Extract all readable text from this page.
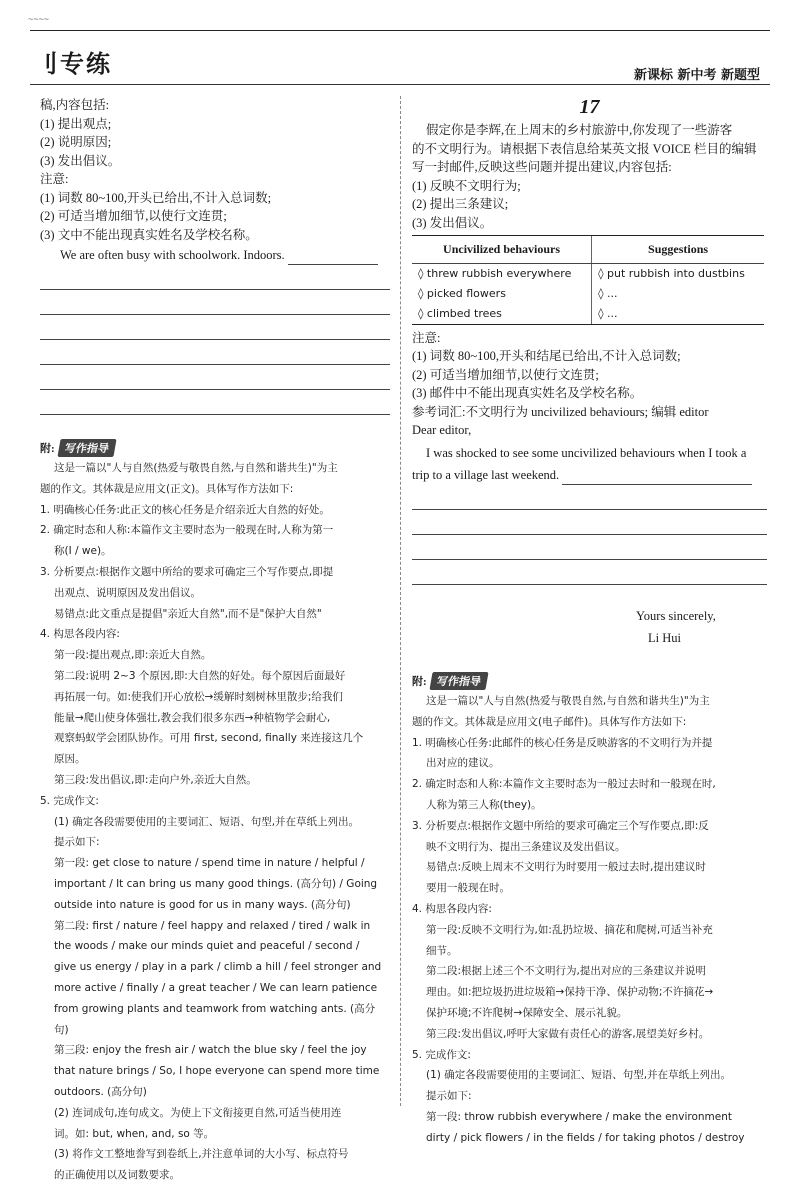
~~~~
刂专练	新课标 新中考 新题型

稿,内容包括:

(1) 提出观点;

(2) 说明原因;

(3) 发出倡议。

注意:

(1) 词数 80~100,开头已给出,不计入总词数;

(2) 可适当增加细节,以使行文连贯;

(3) 文中不能出现真实姓名及学校名称。

We are often busy with schoolwork. Indoors.

附: 写作指导

这是一篇以"人与自然(热爱与敬畏自然,与自然和谐共生)"为主

题的作文。其体裁是应用文(正文)。具体写作方法如下:

1. 明确核心任务:此正文的核心任务是介绍亲近大自然的好处。

2. 确定时态和人称:本篇作文主要时态为一般现在时,人称为第一

称(I / we)。

3. 分析要点:根据作文题中所给的要求可确定三个写作要点,即提

出观点、说明原因及发出倡议。

易错点:此文重点是提倡"亲近大自然",而不是"保护大自然"

4. 构思各段内容:

第一段:提出观点,即:亲近大自然。

第二段:说明 2~3 个原因,即:大自然的好处。每个原因后面最好

再拓展一句。如:使我们开心放松→缓解时刻树林里散步;给我们

能量→爬山使身体强壮,教会我们很多东西→种植物学会耐心,

观察蚂蚁学会团队协作。可用 first, second, finally 来连接这几个

原因。

第三段:发出倡议,即:走向户外,亲近大自然。

5. 完成作文:

(1) 确定各段需要使用的主要词汇、短语、句型,并在草纸上列出。

提示如下:

第一段: get close to nature / spend time in nature / helpful /

important / It can bring us many good things. (高分句) / Going

outside into nature is good for us in many ways. (高分句)

第二段: first / nature / feel happy and relaxed / tired / walk in

the woods / make our minds quiet and peaceful / second /

give us energy / play in a park / climb a hill / feel stronger and

more active / finally / a great teacher / We can learn patience

from growing plants and teamwork from watching ants. (高分

句)

第三段: enjoy the fresh air / watch the blue sky / feel the joy

that nature brings / So, I hope everyone can spend more time

outdoors. (高分句)

(2) 连词成句,连句成文。为使上下文衔接更自然,可适当使用连

词。如: but, when, and, so 等。

(3) 将作文工整地誊写到卷纸上,并注意单词的大小写、标点符号

的正确使用以及词数要求。

17

假定你是李辉,在上周末的乡村旅游中,你发现了一些游客

的不文明行为。请根据下表信息给某英文报 VOICE 栏目的编辑

写一封邮件,反映这些问题并提出建议,内容包括:

(1) 反映不文明行为;

(2) 提出三条建议;

(3) 发出倡议。

Uncivilized behaviours	Suggestions
◊ threw rubbish everywhere	◊ put rubbish into dustbins
◊ picked flowers	◊ ...
◊ climbed trees	◊ ...

注意:

(1) 词数 80~100,开头和结尾已给出,不计入总词数;

(2) 可适当增加细节,以使行文连贯;

(3) 邮件中不能出现真实姓名及学校名称。

参考词汇:不文明行为 uncivilized behaviours; 编辑 editor

Dear editor,

I was shocked to see some uncivilized behaviours when I took a

trip to a village last weekend.

Yours sincerely,

Li Hui

附: 写作指导

这是一篇以"人与自然(热爱与敬畏自然,与自然和谐共生)"为主

题的作文。其体裁是应用文(电子邮件)。具体写作方法如下:

1. 明确核心任务:此邮件的核心任务是反映游客的不文明行为并提

出对应的建议。

2. 确定时态和人称:本篇作文主要时态为一般过去时和一般现在时,

人称为第三人称(they)。

3. 分析要点:根据作文题中所给的要求可确定三个写作要点,即:反

映不文明行为、提出三条建议及发出倡议。

易错点:反映上周末不文明行为时要用一般过去时,提出建议时

要用一般现在时。

4. 构思各段内容:

第一段:反映不文明行为,如:乱扔垃圾、摘花和爬树,可适当补充

细节。

第二段:根据上述三个不文明行为,提出对应的三条建议并说明

理由。如:把垃圾扔进垃圾箱→保持干净、保护动物;不许摘花→

保护环境;不许爬树→保障安全、展示礼貌。

第三段:发出倡议,呼吁大家做有责任心的游客,展望美好乡村。

5. 完成作文:

(1) 确定各段需要使用的主要词汇、短语、句型,并在草纸上列出。

提示如下:

第一段: throw rubbish everywhere / make the environment

dirty / pick flowers / in the fields / for taking photos / destroy
